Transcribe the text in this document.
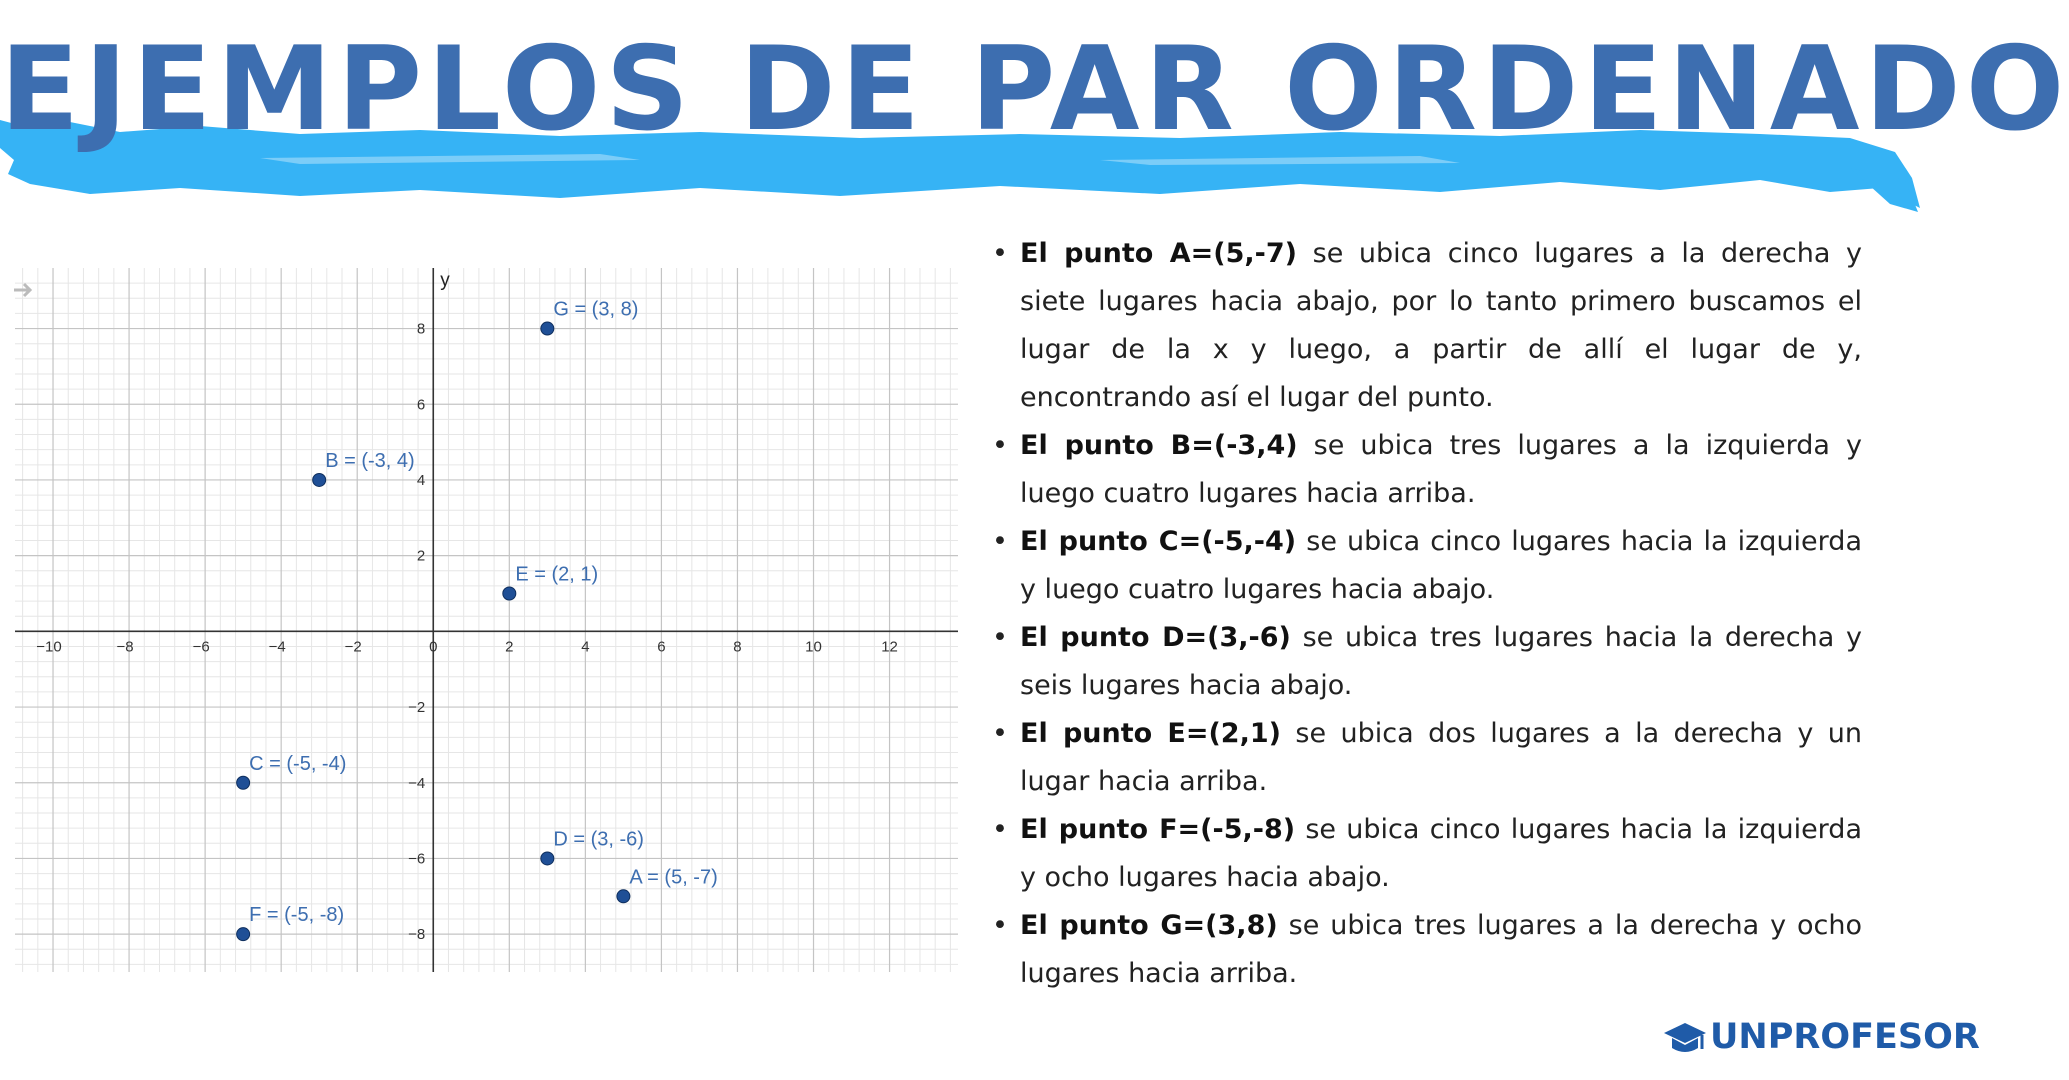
EJEMPLOS DE PAR ORDENADO
−10	−8	−6	−4	−2	0	2	4	6	8	10	12
−8
−6
−4
−2
2
4
6
8
G = (3, 8)
B = (-3, 4)
E = (2, 1)
C = (-5, -4)
D = (3, -6)
A = (5, -7)
F = (-5, -8)
y
• El punto A=(5,-7) se ubica cinco lugares a la derecha y siete lugares hacia abajo, por lo tanto primero buscamos el lugar de la x y luego, a partir de allí el lugar de y, encontrando así el lugar del punto.
• El punto B=(-3,4) se ubica tres lugares a la izquierda y luego cuatro lugares hacia arriba.
• El punto C=(-5,-4) se ubica cinco lugares hacia la izquierda y luego cuatro lugares hacia abajo.
• El punto D=(3,-6) se ubica tres lugares hacia la derecha y seis lugares hacia abajo.
• El punto E=(2,1) se ubica dos lugares a la derecha y un lugar hacia arriba.
• El punto F=(-5,-8) se ubica cinco lugares hacia la izquierda y ocho lugares hacia abajo.
• El punto G=(3,8) se ubica tres lugares a la derecha y ocho lugares hacia arriba.
UNPROFESOR
